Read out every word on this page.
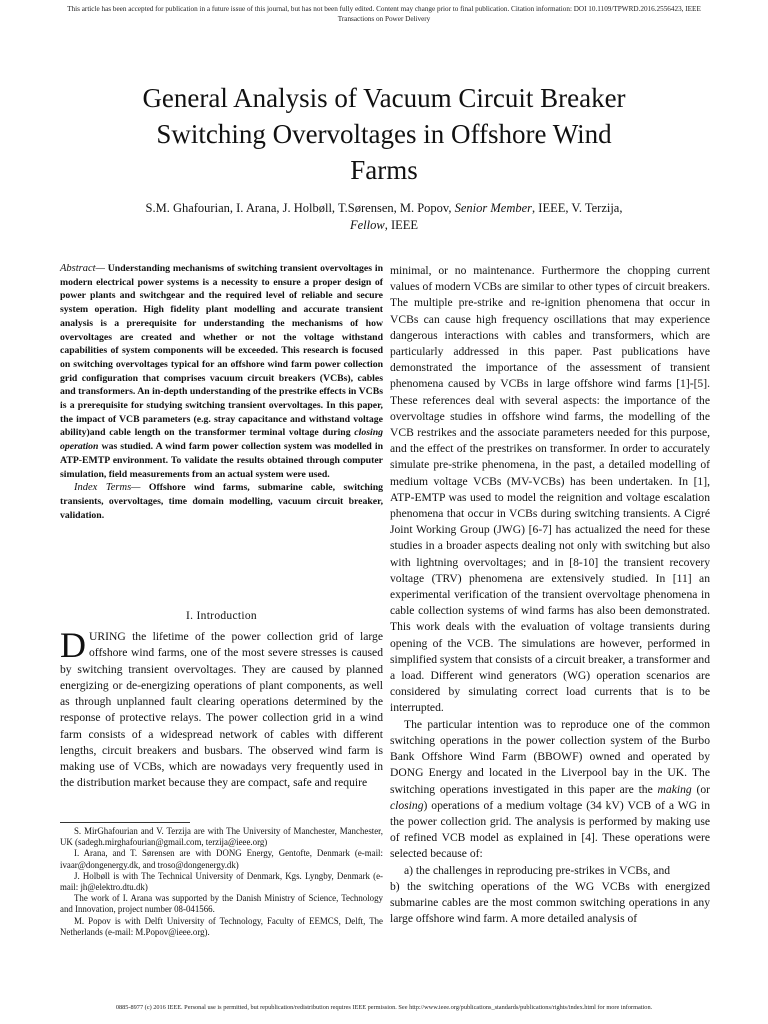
This article has been accepted for publication in a future issue of this journal, but has not been fully edited. Content may change prior to final publication. Citation information: DOI 10.1109/TPWRD.2016.2556423, IEEE
Transactions on Power Delivery
General Analysis of Vacuum Circuit Breaker
Switching Overvoltages in Offshore Wind
Farms
S.M. Ghafourian, I. Arana, J. Holbøll, T.Sørensen, M. Popov, Senior Member, IEEE, V. Terzija,
Fellow, IEEE

Abstract— Understanding mechanisms of switching transient overvoltages in modern electrical power systems is a necessity to ensure a proper design of power plants and switchgear and the required level of reliable and secure system operation. High fidelity plant modelling and accurate transient analysis is a prerequisite for understanding the mechanisms of how overvoltages are created and whether or not the voltage withstand capabilities of system components will be exceeded. This research is focused on switching overvoltages typical for an offshore wind farm power collection grid configuration that comprises vacuum circuit breakers (VCBs), cables and transformers. An in-depth understanding of the prestrike effects in VCBs is a prerequisite for studying switching transient overvoltages. In this paper, the impact of VCB parameters (e.g. stray capacitance and withstand voltage ability)and cable length on the transformer terminal voltage during closing operation was studied. A wind farm power collection system was modelled in ATP-EMTP environment. To validate the results obtained through computer simulation, field measurements from an actual system were used.

Index Terms— Offshore wind farms, submarine cable, switching transients, overvoltages, time domain modelling, vacuum circuit breaker, validation.

I. Introduction
DURING the lifetime of the power collection grid of large offshore wind farms, one of the most severe stresses is caused by switching transient overvoltages. They are caused by planned energizing or de-energizing operations of plant components, as well as through unplanned fault clearing operations determined by the response of protective relays. The power collection grid in a wind farm consists of a widespread network of cables with different lengths, circuit breakers and busbars. The observed wind farm is making use of VCBs, which are nowadays very frequently used in the distribution market because they are compact, safe and require

S. MirGhafourian and V. Terzija are with The University of Manchester, Manchester, UK (sadegh.mirghafourian@gmail.com, terzija@ieee.org)

I. Arana, and T. Sørensen are with DONG Energy, Gentofte, Denmark (e-mail: ivaar@dongenergy.dk, and troso@dongenergy.dk)

J. Holbøll is with The Technical University of Denmark, Kgs. Lyngby, Denmark (e-mail: jh@elektro.dtu.dk)

The work of I. Arana was supported by the Danish Ministry of Science, Technology and Innovation, project number 08-041566.

M. Popov is with Delft University of Technology, Faculty of EEMCS, Delft, The Netherlands (e-mail: M.Popov@ieee.org).

minimal, or no maintenance. Furthermore the chopping current values of modern VCBs are similar to other types of circuit breakers. The multiple pre-strike and re-ignition phenomena that occur in VCBs can cause high frequency oscillations that may experience dangerous interactions with cables and transformers, which are particularly addressed in this paper. Past publications have demonstrated the importance of the assessment of transient phenomena caused by VCBs in large offshore wind farms [1]-[5]. These references deal with several aspects: the importance of the overvoltage studies in offshore wind farms, the modelling of the VCB restrikes and the associate parameters needed for this purpose, and the effect of the prestrikes on transformer. In order to accurately simulate pre-strike phenomena, in the past, a detailed modelling of medium voltage VCBs (MV-VCBs) has been undertaken. In [1], ATP-EMTP was used to model the reignition and voltage escalation phenomena that occur in VCBs during switching transients. A Cigré Joint Working Group (JWG) [6-7] has actualized the need for these studies in a broader aspects dealing not only with switching but also with lightning overvoltages; and in [8-10] the transient recovery voltage (TRV) phenomena are extensively studied. In [11] an experimental verification of the transient overvoltage phenomena in cable collection systems of wind farms has also been demonstrated. This work deals with the evaluation of voltage transients during opening of the VCB. The simulations are however, performed in simplified system that consists of a circuit breaker, a transformer and a load. Different wind generators (WG) operation scenarios are considered by simulating correct load currents that is to be interrupted.

The particular intention was to reproduce one of the common switching operations in the power collection system of the Burbo Bank Offshore Wind Farm (BBOWF) owned and operated by DONG Energy and located in the Liverpool bay in the UK. The switching operations investigated in this paper are the making (or closing) operations of a medium voltage (34 kV) VCB of a WG in the power collection grid. The analysis is performed by making use of refined VCB model as explained in [4]. These operations were selected because of:

a) the challenges in reproducing pre-strikes in VCBs, and

b) the switching operations of the WG VCBs with energized submarine cables are the most common switching operations in any large offshore wind farm. A more detailed analysis of

0885-8977 (c) 2016 IEEE. Personal use is permitted, but republication/redistribution requires IEEE permission. See http://www.ieee.org/publications_standards/publications/rights/index.html for more information.
